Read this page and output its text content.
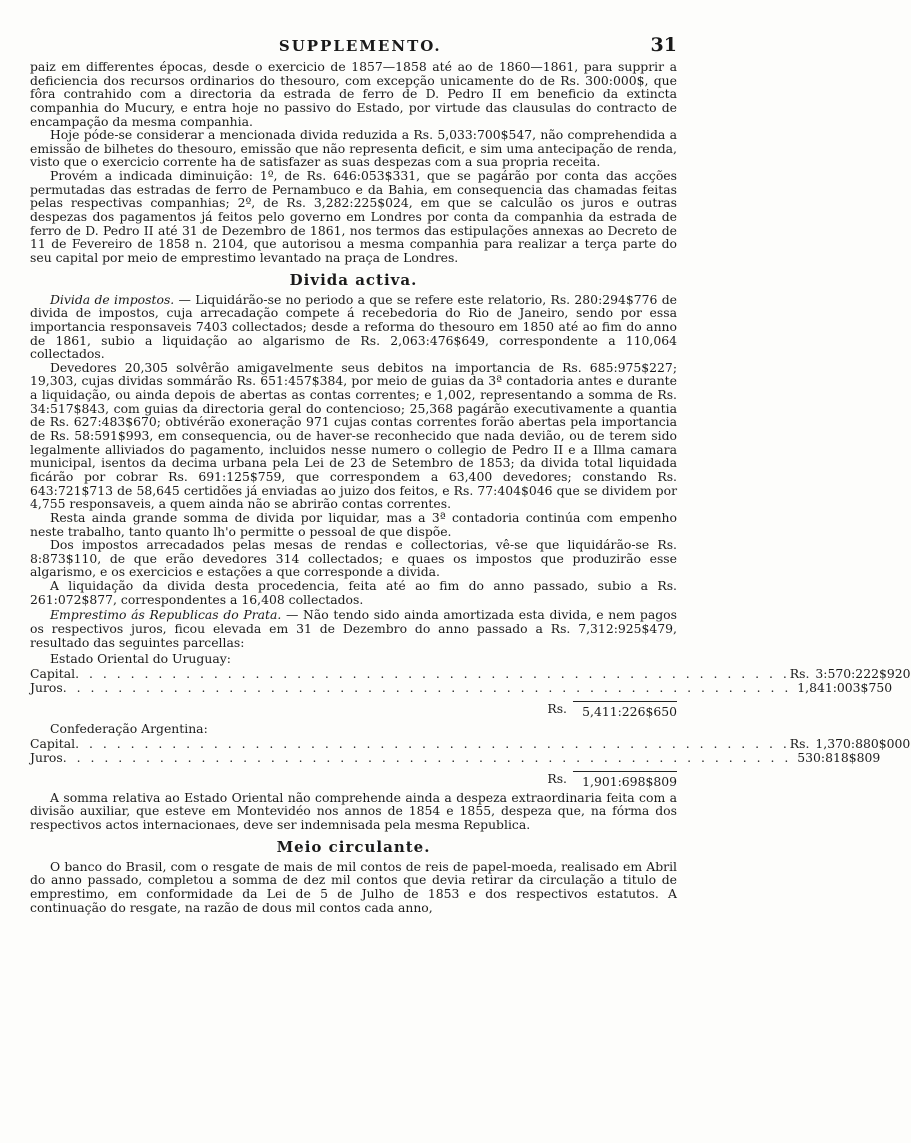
SUPPLEMENTO.	31

paiz em differentes épocas, desde o exercicio de 1857—1858 até ao de 1860—1861, para supprir a deficiencia dos recursos ordinarios do thesouro, com excepção unicamente do de Rs. 300:000$, que fôra contrahido com a directoria da estrada de ferro de D. Pedro II em beneficio da extincta companhia do Mucury, e entra hoje no passivo do Estado, por virtude das clausulas do contracto de encampação da mesma companhia.

Hoje póde-se considerar a mencionada divida reduzida a Rs. 5,033:700$547, não comprehendida a emissão de bilhetes do thesouro, emissão que não representa deficit, e sim uma antecipação de renda, visto que o exercicio corrente ha de satisfazer as suas despezas com a sua propria receita.

Provém a indicada diminuição: 1º, de Rs. 646:053$331, que se pagárão por conta das acções permutadas das estradas de ferro de Pernambuco e da Bahia, em consequencia das chamadas feitas pelas respectivas companhias; 2º, de Rs. 3,282:225$024, em que se calculão os juros e outras despezas dos pagamentos já feitos pelo governo em Londres por conta da companhia da estrada de ferro de D. Pedro II até 31 de Dezembro de 1861, nos termos das estipulações annexas ao Decreto de 11 de Fevereiro de 1858 n. 2104, que autorisou a mesma companhia para realizar a terça parte do seu capital por meio de emprestimo levantado na praça de Londres.

Divida activa.

Divida de impostos. — Liquidárão-se no periodo a que se refere este relatorio, Rs. 280:294$776 de divida de impostos, cuja arrecadação compete á recebedoria do Rio de Janeiro, sendo por essa importancia responsaveis 7403 collectados; desde a reforma do thesouro em 1850 até ao fim do anno de 1861, subio a liquidação ao algarismo de Rs. 2,063:476$649, correspondente a 110,064 collectados.

Devedores 20,305 solvêrão amigavelmente seus debitos na importancia de Rs. 685:975$227; 19,303, cujas dividas sommárão Rs. 651:457$384, por meio de guias da 3ª contadoria antes e durante a liquidação, ou ainda depois de abertas as contas correntes; e 1,002, representando a somma de Rs. 34:517$843, com guias da directoria geral do contencioso; 25,368 pagárão executivamente a quantia de Rs. 627:483$670; obtivérão exoneração 971 cujas contas correntes forão abertas pela importancia de Rs. 58:591$993, em consequencia, ou de haver-se reconhecido que nada devião, ou de terem sido legalmente alliviados do pagamento, incluidos nesse numero o collegio de Pedro II e a Illma camara municipal, isentos da decima urbana pela Lei de 23 de Setembro de 1853; da divida total liquidada ficárão por cobrar Rs. 691:125$759, que correspondem a 63,400 devedores; constando Rs. 643:721$713 de 58,645 certidões já enviadas ao juizo dos feitos, e Rs. 77:404$046 que se dividem por 4,755 responsaveis, a quem ainda não se abrirão contas correntes.

Resta ainda grande somma de divida por liquidar, mas a 3ª contadoria continúa com empenho neste trabalho, tanto quanto lh'o permitte o pessoal de que dispõe.

Dos impostos arrecadados pelas mesas de rendas e collectorias, vê-se que liquidárão-se Rs. 8:873$110, de que erão devedores 314 collectados; e quaes os impostos que produzirão esse algarismo, e os exercicios e estações a que corresponde a divida.

A liquidação da divida desta procedencia, feita até ao fim do anno passado, subio a Rs. 261:072$877, correspondentes a 16,408 collectados.

Emprestimo ás Republicas do Prata. — Não tendo sido ainda amortizada esta divida, e nem pagos os respectivos juros, ficou elevada em 31 de Dezembro do anno passado a Rs. 7,312:925$479, resultado das seguintes parcellas:

Estado Oriental do Uruguay:
Capital . . . . . . . . . . . . . . . . . . . . . . . . . . . . . . . . . . . . . . . . . . . . . . . . . . . . Rs. 3:570:222$920
Juros . . . . . . . . . . . . . . . . . . . . . . . . . . . . . . . . . . . . . . . . . . . . . . . . . . . . . 1,841:003$750
Rs.	5,411:226$650
Confederação Argentina:
Capital . . . . . . . . . . . . . . . . . . . . . . . . . . . . . . . . . . . . . . . . . . . . . . . . . . . . Rs. 1,370:880$000
Juros . . . . . . . . . . . . . . . . . . . . . . . . . . . . . . . . . . . . . . . . . . . . . . . . . . . . . 530:818$809
Rs.	1,901:698$809

A somma relativa ao Estado Oriental não comprehende ainda a despeza extraordinaria feita com a divisão auxiliar, que esteve em Montevidéo nos annos de 1854 e 1855, despeza que, na fórma dos respectivos actos internacionaes, deve ser indemnisada pela mesma Republica.

Meio circulante.

O banco do Brasil, com o resgate de mais de mil contos de reis de papel-moeda, realisado em Abril do anno passado, completou a somma de dez mil contos que devia retirar da circulação a titulo de emprestimo, em conformidade da Lei de 5 de Julho de 1853 e dos respectivos estatutos. A continuação do resgate, na razão de dous mil contos cada anno,
